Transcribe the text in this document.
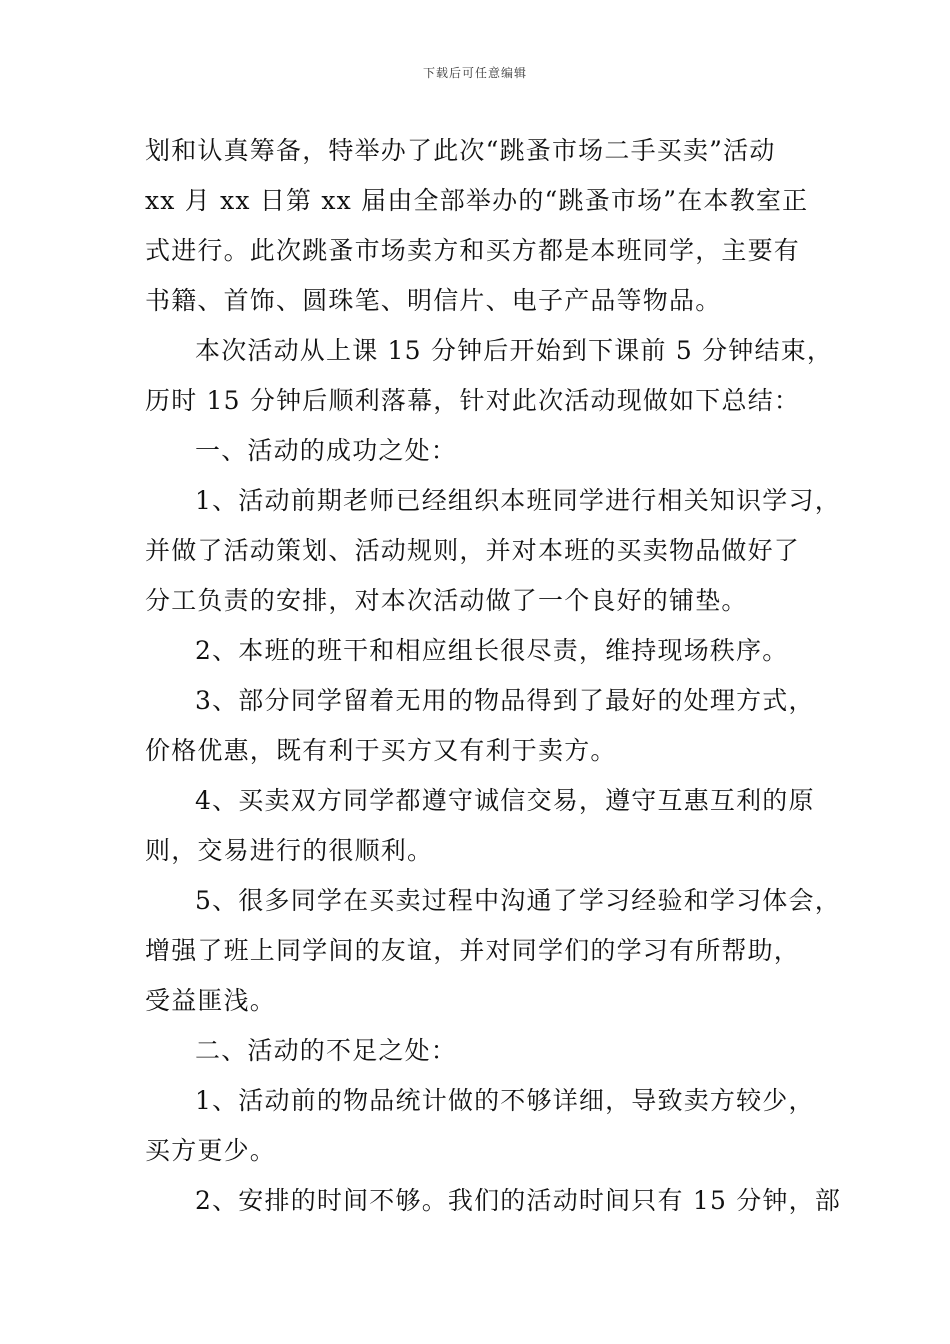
下载后可任意编辑
划和认真筹备，特举办了此次“跳蚤市场二手买卖”活动
xx 月 xx 日第 xx 届由全部举办的“跳蚤市场”在本教室正
式进行。此次跳蚤市场卖方和买方都是本班同学，主要有
书籍、首饰、圆珠笔、明信片、电子产品等物品。
本次活动从上课 15 分钟后开始到下课前 5 分钟结束，
历时 15 分钟后顺利落幕，针对此次活动现做如下总结：
一、活动的成功之处：
1、活动前期老师已经组织本班同学进行相关知识学习，
并做了活动策划、活动规则，并对本班的买卖物品做好了
分工负责的安排，对本次活动做了一个良好的铺垫。
2、本班的班干和相应组长很尽责，维持现场秩序。
3、部分同学留着无用的物品得到了最好的处理方式，
价格优惠，既有利于买方又有利于卖方。
4、买卖双方同学都遵守诚信交易，遵守互惠互利的原
则，交易进行的很顺利。
5、很多同学在买卖过程中沟通了学习经验和学习体会，
增强了班上同学间的友谊，并对同学们的学习有所帮助，
受益匪浅。
二、活动的不足之处：
1、活动前的物品统计做的不够详细，导致卖方较少，
买方更少。
2、安排的时间不够。我们的活动时间只有 15 分钟，部
